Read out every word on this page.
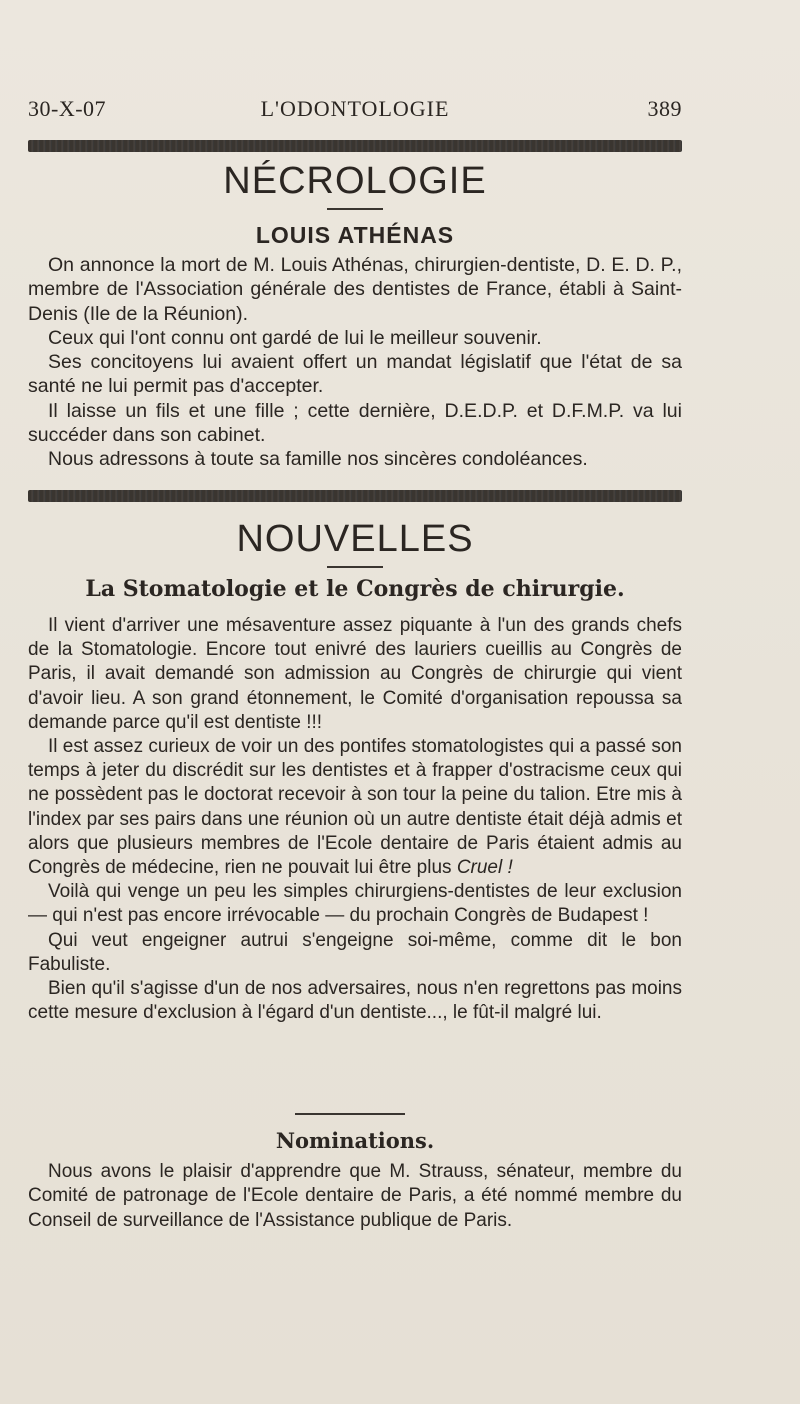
30-X-07	L'ODONTOLOGIE	389
NÉCROLOGIE
LOUIS ATHÉNAS

On annonce la mort de M. Louis Athénas, chirurgien-dentiste, D. E. D. P., membre de l'Association générale des dentistes de France, établi à Saint-Denis (Ile de la Réunion).

Ceux qui l'ont connu ont gardé de lui le meilleur souvenir.

Ses concitoyens lui avaient offert un mandat législatif que l'état de sa santé ne lui permit pas d'accepter.

Il laisse un fils et une fille ; cette dernière, D.E.D.P. et D.F.M.P. va lui succéder dans son cabinet.

Nous adressons à toute sa famille nos sincères condoléances.

NOUVELLES
La Stomatologie et le Congrès de chirurgie.

Il vient d'arriver une mésaventure assez piquante à l'un des grands chefs de la Stomatologie. Encore tout enivré des lauriers cueillis au Congrès de Paris, il avait demandé son admission au Congrès de chirurgie qui vient d'avoir lieu. A son grand étonnement, le Comité d'organisation repoussa sa demande parce qu'il est dentiste !!!

Il est assez curieux de voir un des pontifes stomatologistes qui a passé son temps à jeter du discrédit sur les dentistes et à frapper d'ostracisme ceux qui ne possèdent pas le doctorat recevoir à son tour la peine du talion. Etre mis à l'index par ses pairs dans une réunion où un autre dentiste était déjà admis et alors que plusieurs membres de l'Ecole dentaire de Paris étaient admis au Congrès de médecine, rien ne pouvait lui être plus Cruel !

Voilà qui venge un peu les simples chirurgiens-dentistes de leur exclusion — qui n'est pas encore irrévocable — du prochain Congrès de Budapest !

Qui veut engeigner autrui s'engeigne soi-même, comme dit le bon Fabuliste.

Bien qu'il s'agisse d'un de nos adversaires, nous n'en regrettons pas moins cette mesure d'exclusion à l'égard d'un dentiste..., le fût-il malgré lui.

Nominations.

Nous avons le plaisir d'apprendre que M. Strauss, sénateur, membre du Comité de patronage de l'Ecole dentaire de Paris, a été nommé membre du Conseil de surveillance de l'Assistance publique de Paris.
